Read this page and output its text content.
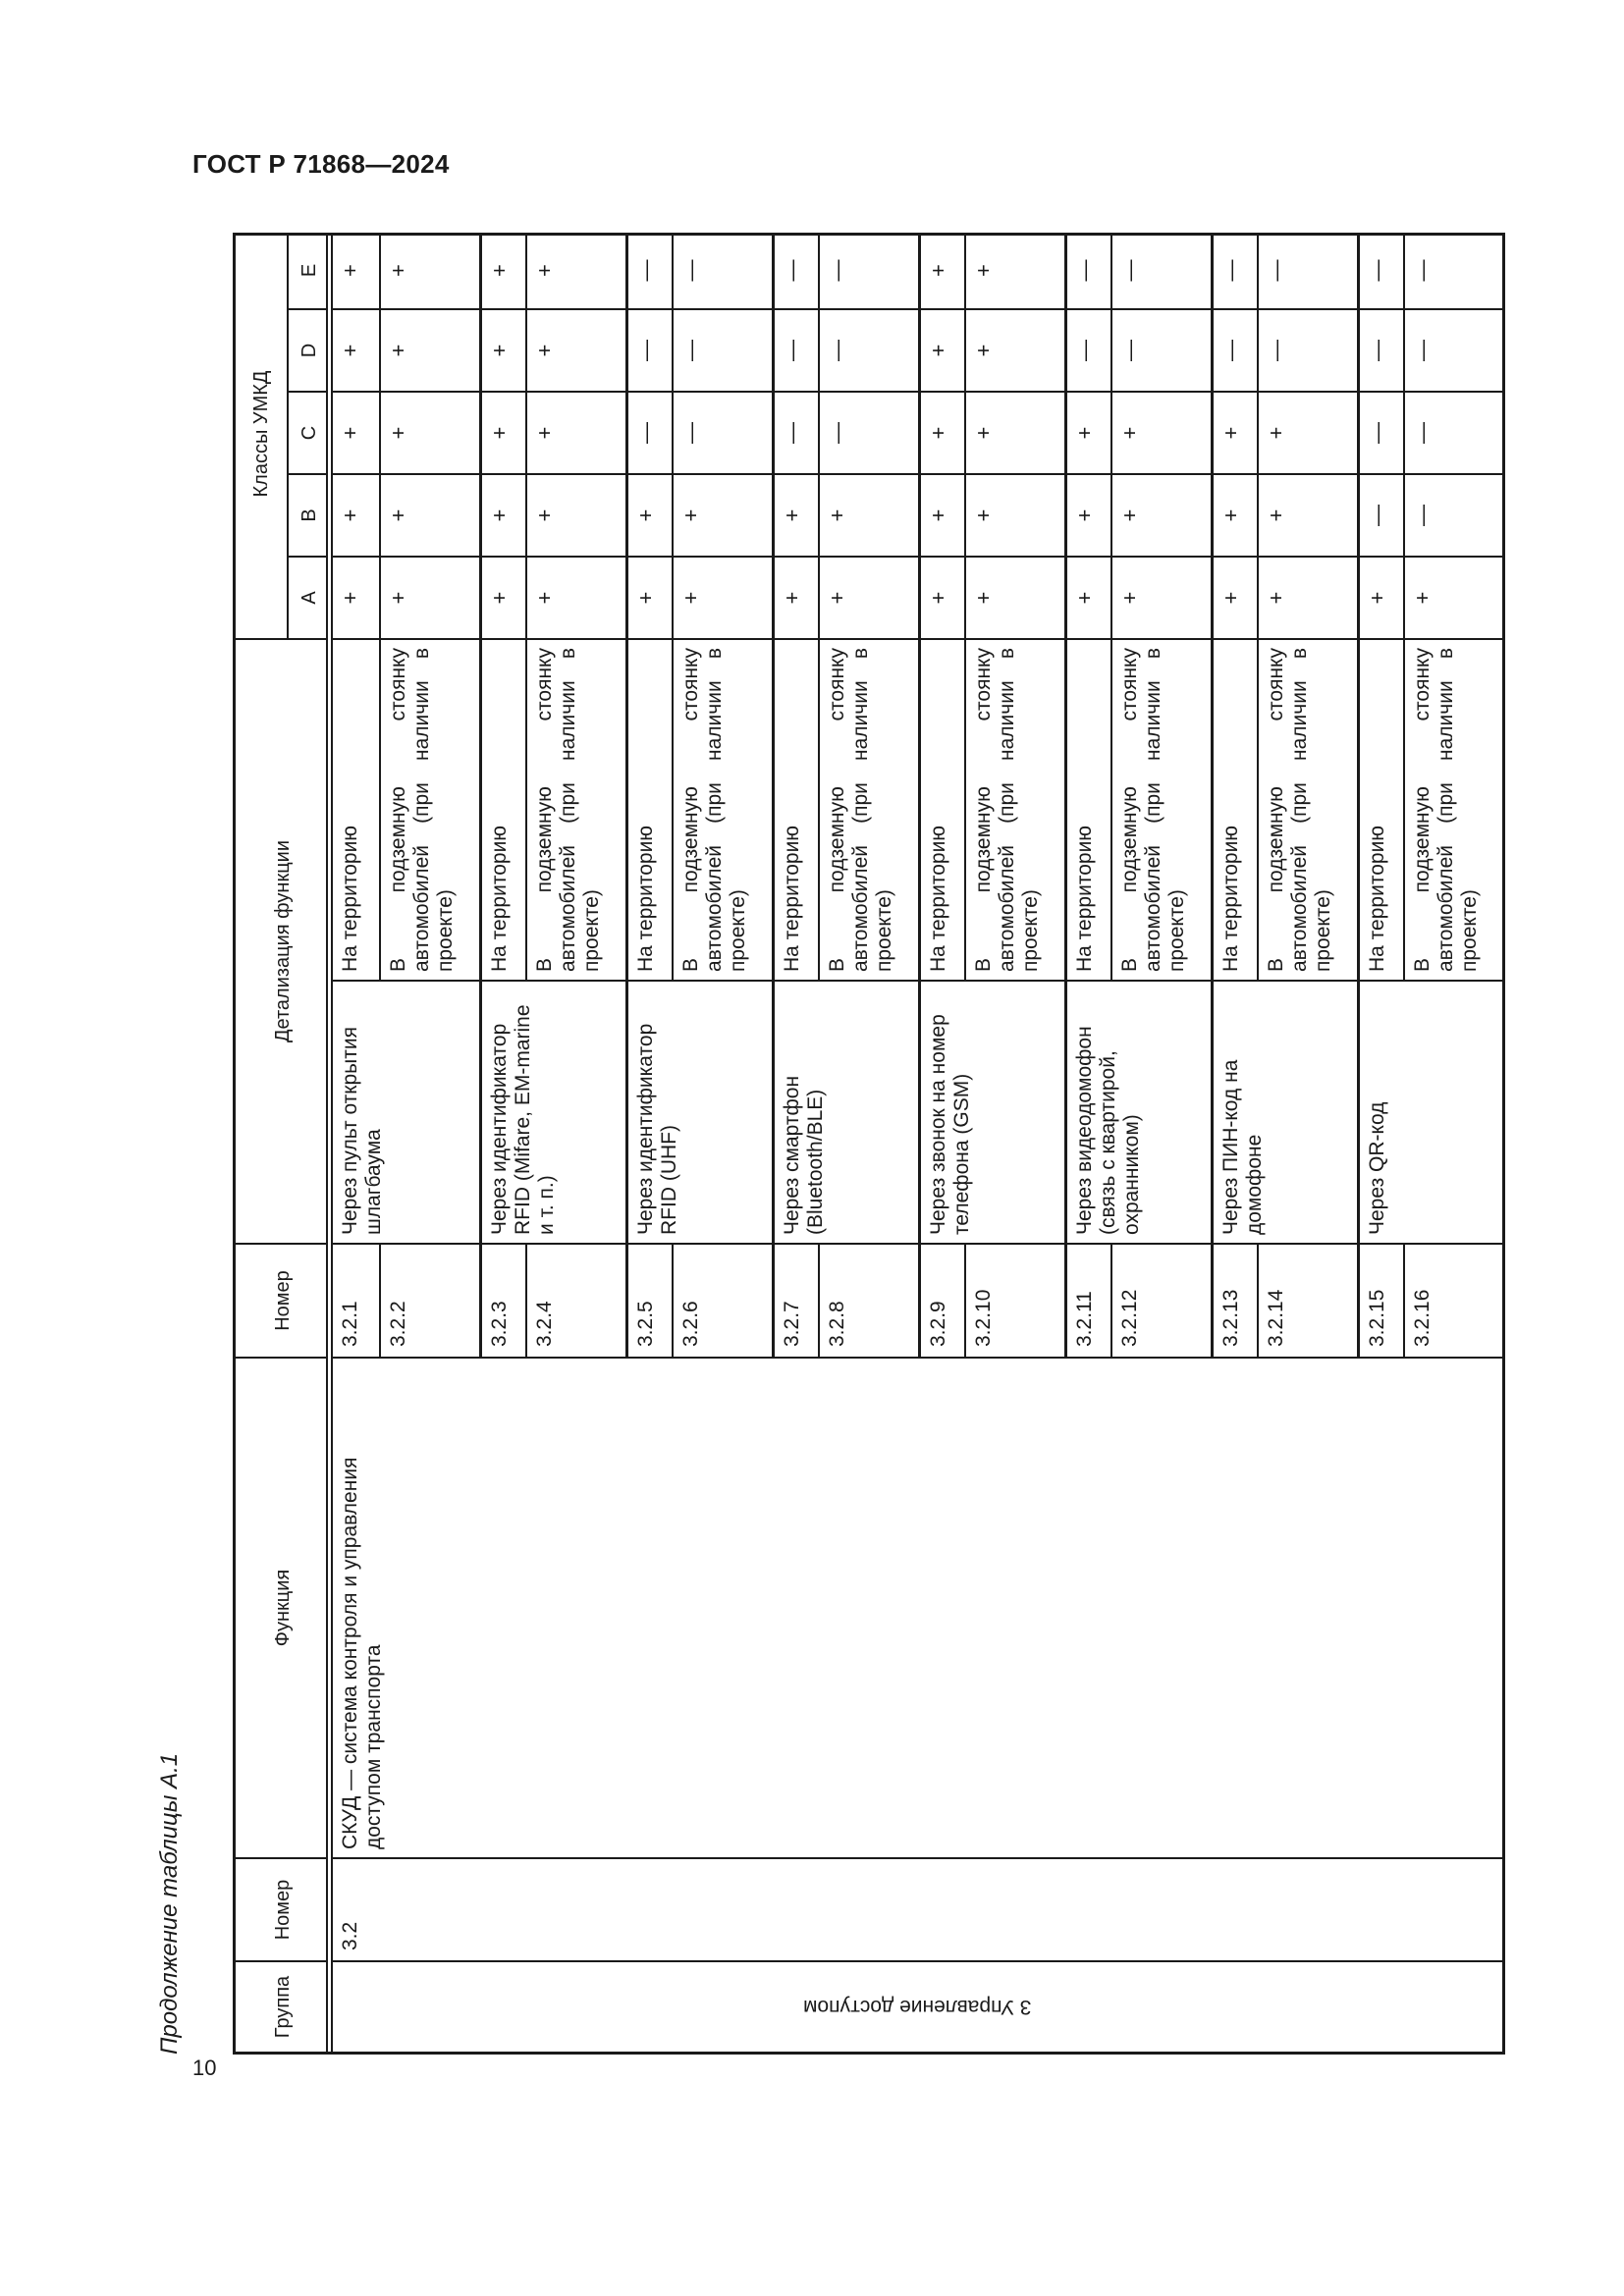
ГОСТ Р 71868—2024
10
Продолжение таблицы А.1	Группа
Номер
Функция
Номер
Детализация функции
Классы УМКД
A
B
C
D
E
3 Управление доступом
3.2
СКУД — система контроля и управления доступом транспорта
Через пульт открытия шлагбаума
3.2.1
На территорию
+
+
+
+
+
3.2.2
В подземную стоянку автомобилей (при наличии в проекте)
+
+
+
+
+
Через идентификатор RFID (Mifare, EM-marine и т. п.)
3.2.3
На территорию
+
+
+
+
+
3.2.4
В подземную стоянку автомобилей (при наличии в проекте)
+
+
+
+
+
Через идентификатор RFID (UHF)
3.2.5
На территорию
+
+
—
—
—
3.2.6
В подземную стоянку автомобилей (при наличии в проекте)
+
+
—
—
—
Через смартфон (Bluetooth/BLE)
3.2.7
На территорию
+
+
—
—
—
3.2.8
В подземную стоянку автомобилей (при наличии в проекте)
+
+
—
—
—
Через звонок на номер телефона (GSM)
3.2.9
На территорию
+
+
+
+
+
3.2.10
В подземную стоянку автомобилей (при наличии в проекте)
+
+
+
+
+
Через видеодомофон (связь с квартирой, охранником)
3.2.11
На территорию
+
+
+
—
—
3.2.12
В подземную стоянку автомобилей (при наличии в проекте)
+
+
+
—
—
Через ПИН-код на домофоне
3.2.13
На территорию
+
+
+
—
—
3.2.14
В подземную стоянку автомобилей (при наличии в проекте)
+
+
+
—
—
Через QR-код
3.2.15
На территорию
+
—
—
—
—
3.2.16
В подземную стоянку автомобилей (при наличии в проекте)
+
—
—
—
—
